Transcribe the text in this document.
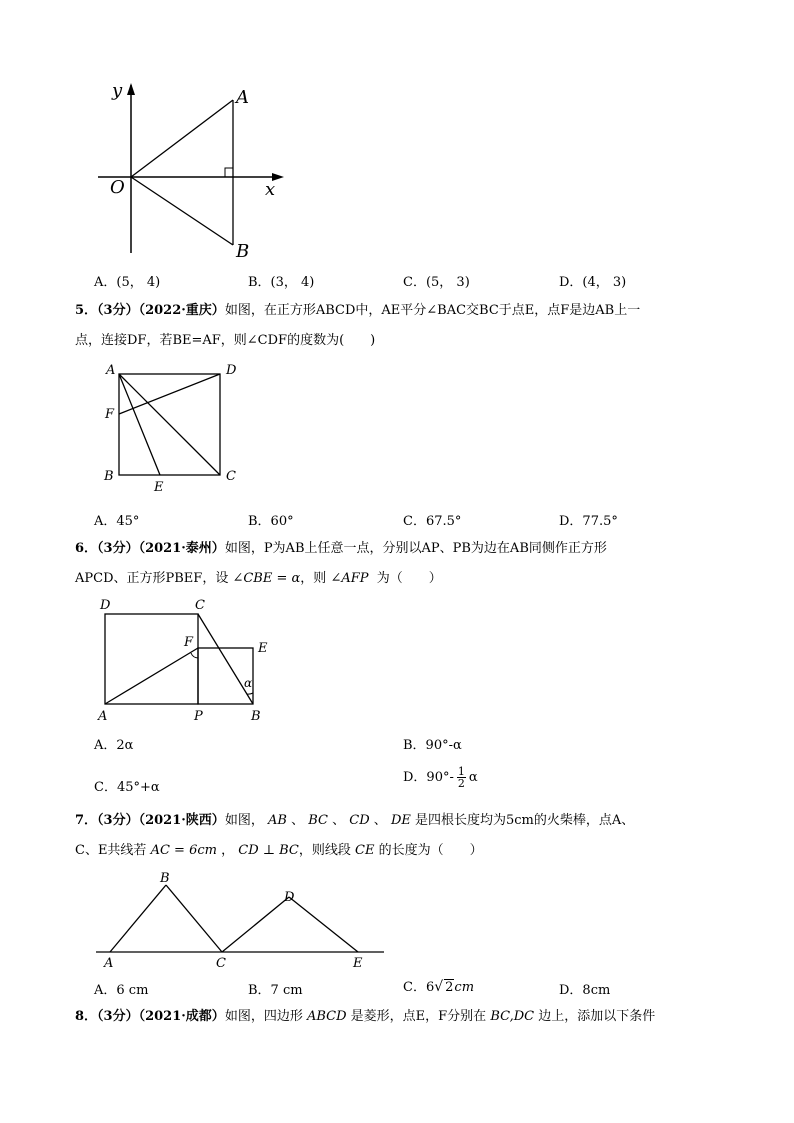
y
O	x
A
B
A．(5， 4)	B．(3， 4)	C．(5， 3)	D．(4， 3)
5．（3分）（2022·重庆）如图，在正方形ABCD中，AE平分∠BAC交BC于点E，点F是边AB上一
点，连接DF，若BE=AF，则∠CDF的度数为(　　)
A	D
F
B	C
E
A．45°	B．60°	C．67.5°	D．77.5°
6．（3分）（2021·泰州）如图，P为AB上任意一点，分别以AP、PB为边在AB同侧作正方形
APCD、正方形PBEF，设 ∠CBE = α，则 ∠AFP 为（　　）
D	C
F	E
α
A	P	B
A．2α	B．90°-α
C．45°+α
D．$90^\circ- \frac{1}{2}$ α
7．（3分）（2021·陕西）如图， AB 、 BC 、 CD 、 DE 是四根长度均为5cm的火柴棒，点A、
C、E共线若 AC = 6cm ， CD ⊥ BC，则线段 CE 的长度为（　　）
B
D
A	C	E
A．6 cm	B．7 cm	C．6√ 2cm	D．8cm
8．（3分）（2021·成都）如图，四边形 ABCD 是菱形，点E，F分别在 BC,DC 边上，添加以下条件
